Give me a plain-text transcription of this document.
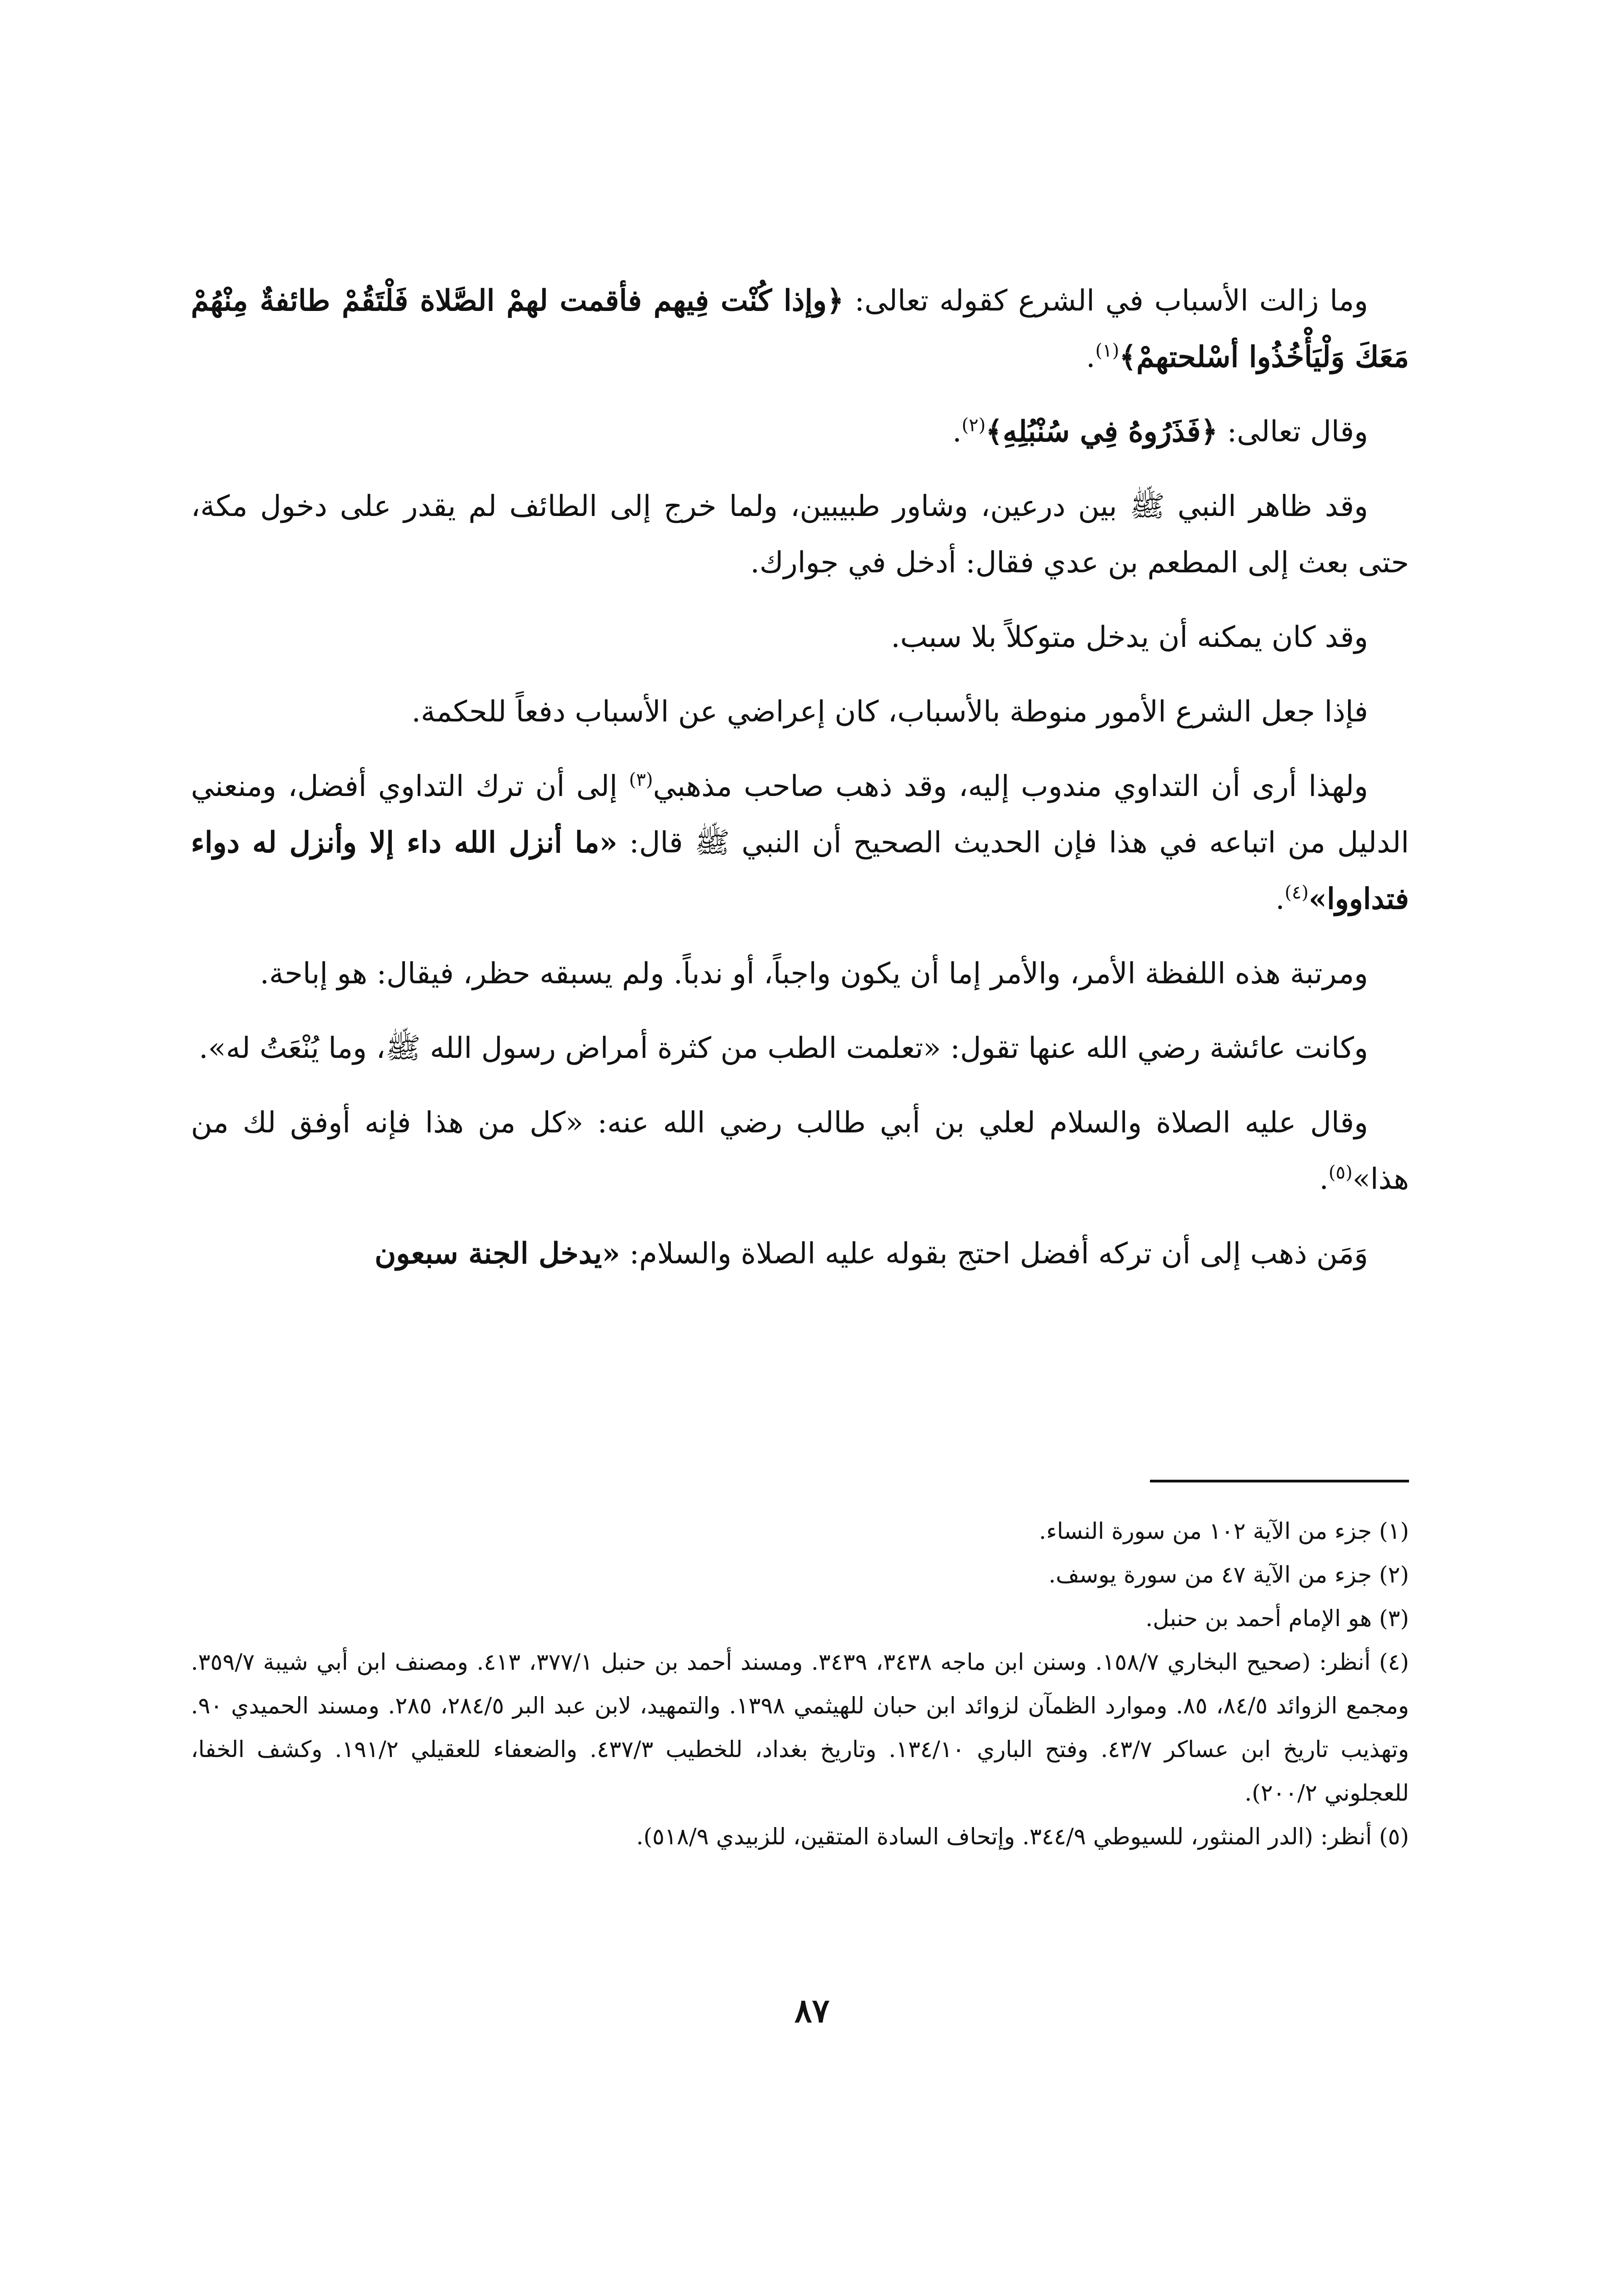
وما زالت الأسباب في الشرع كقوله تعالى: ﴿وإذا كُنْت فِيهم فأقمت لهمْ الصَّلاة فَلْتَقُمْ طائفةٌ مِنْهُمْ مَعَكَ وَلْيَأْخُذُوا أسْلحتهمْ﴾$^{(١)}$.

وقال تعالى: ﴿فَذَرُوهُ فِي سُنْبُلِهِ﴾$^{(٢)}$.

وقد ظاهر النبي ﷺ بين درعين، وشاور طبيبين، ولما خرج إلى الطائف لم يقدر على دخول مكة، حتى بعث إلى المطعم بن عدي فقال: أدخل في جوارك.

وقد كان يمكنه أن يدخل متوكلاً بلا سبب.

فإذا جعل الشرع الأمور منوطة بالأسباب، كان إعراضي عن الأسباب دفعاً للحكمة.

ولهذا أرى أن التداوي مندوب إليه، وقد ذهب صاحب مذهبي$^{(٣)}$ إلى أن ترك التداوي أفضل، ومنعني الدليل من اتباعه في هذا فإن الحديث الصحيح أن النبي ﷺ قال: «ما أنزل الله داء إلا وأنزل له دواء فتداووا»$^{(٤)}$.

ومرتبة هذه اللفظة الأمر، والأمر إما أن يكون واجباً، أو ندباً. ولم يسبقه حظر، فيقال: هو إباحة.

وكانت عائشة رضي الله عنها تقول: «تعلمت الطب من كثرة أمراض رسول الله ﷺ، وما يُنْعَتُ له».

وقال عليه الصلاة والسلام لعلي بن أبي طالب رضي الله عنه: «كل من هذا فإنه أوفق لك من هذا»$^{(٥)}$.

وَمَن ذهب إلى أن تركه أفضل احتج بقوله عليه الصلاة والسلام: «يدخل الجنة سبعون

(١) جزء من الآية ١٠٢ من سورة النساء.

(٢) جزء من الآية ٤٧ من سورة يوسف.

(٣) هو الإمام أحمد بن حنبل.

(٤) أنظر: (صحيح البخاري ١٥٨/٧. وسنن ابن ماجه ٣٤٣٨، ٣٤٣٩. ومسند أحمد بن حنبل ٣٧٧/١، ٤١٣. ومصنف ابن أبي شيبة ٣٥٩/٧. ومجمع الزوائد ٨٤/٥، ٨٥. وموارد الظمآن لزوائد ابن حبان للهيثمي ١٣٩٨. والتمهيد، لابن عبد البر ٢٨٤/٥، ٢٨٥. ومسند الحميدي ٩٠. وتهذيب تاريخ ابن عساكر ٤٣/٧. وفتح الباري ١٣٤/١٠. وتاريخ بغداد، للخطيب ٤٣٧/٣. والضعفاء للعقيلي ١٩١/٢. وكشف الخفا، للعجلوني ٢٠٠/٢).

(٥) أنظر: (الدر المنثور، للسيوطي ٣٤٤/٩. وإتحاف السادة المتقين، للزبيدي ٥١٨/٩).

٨٧
